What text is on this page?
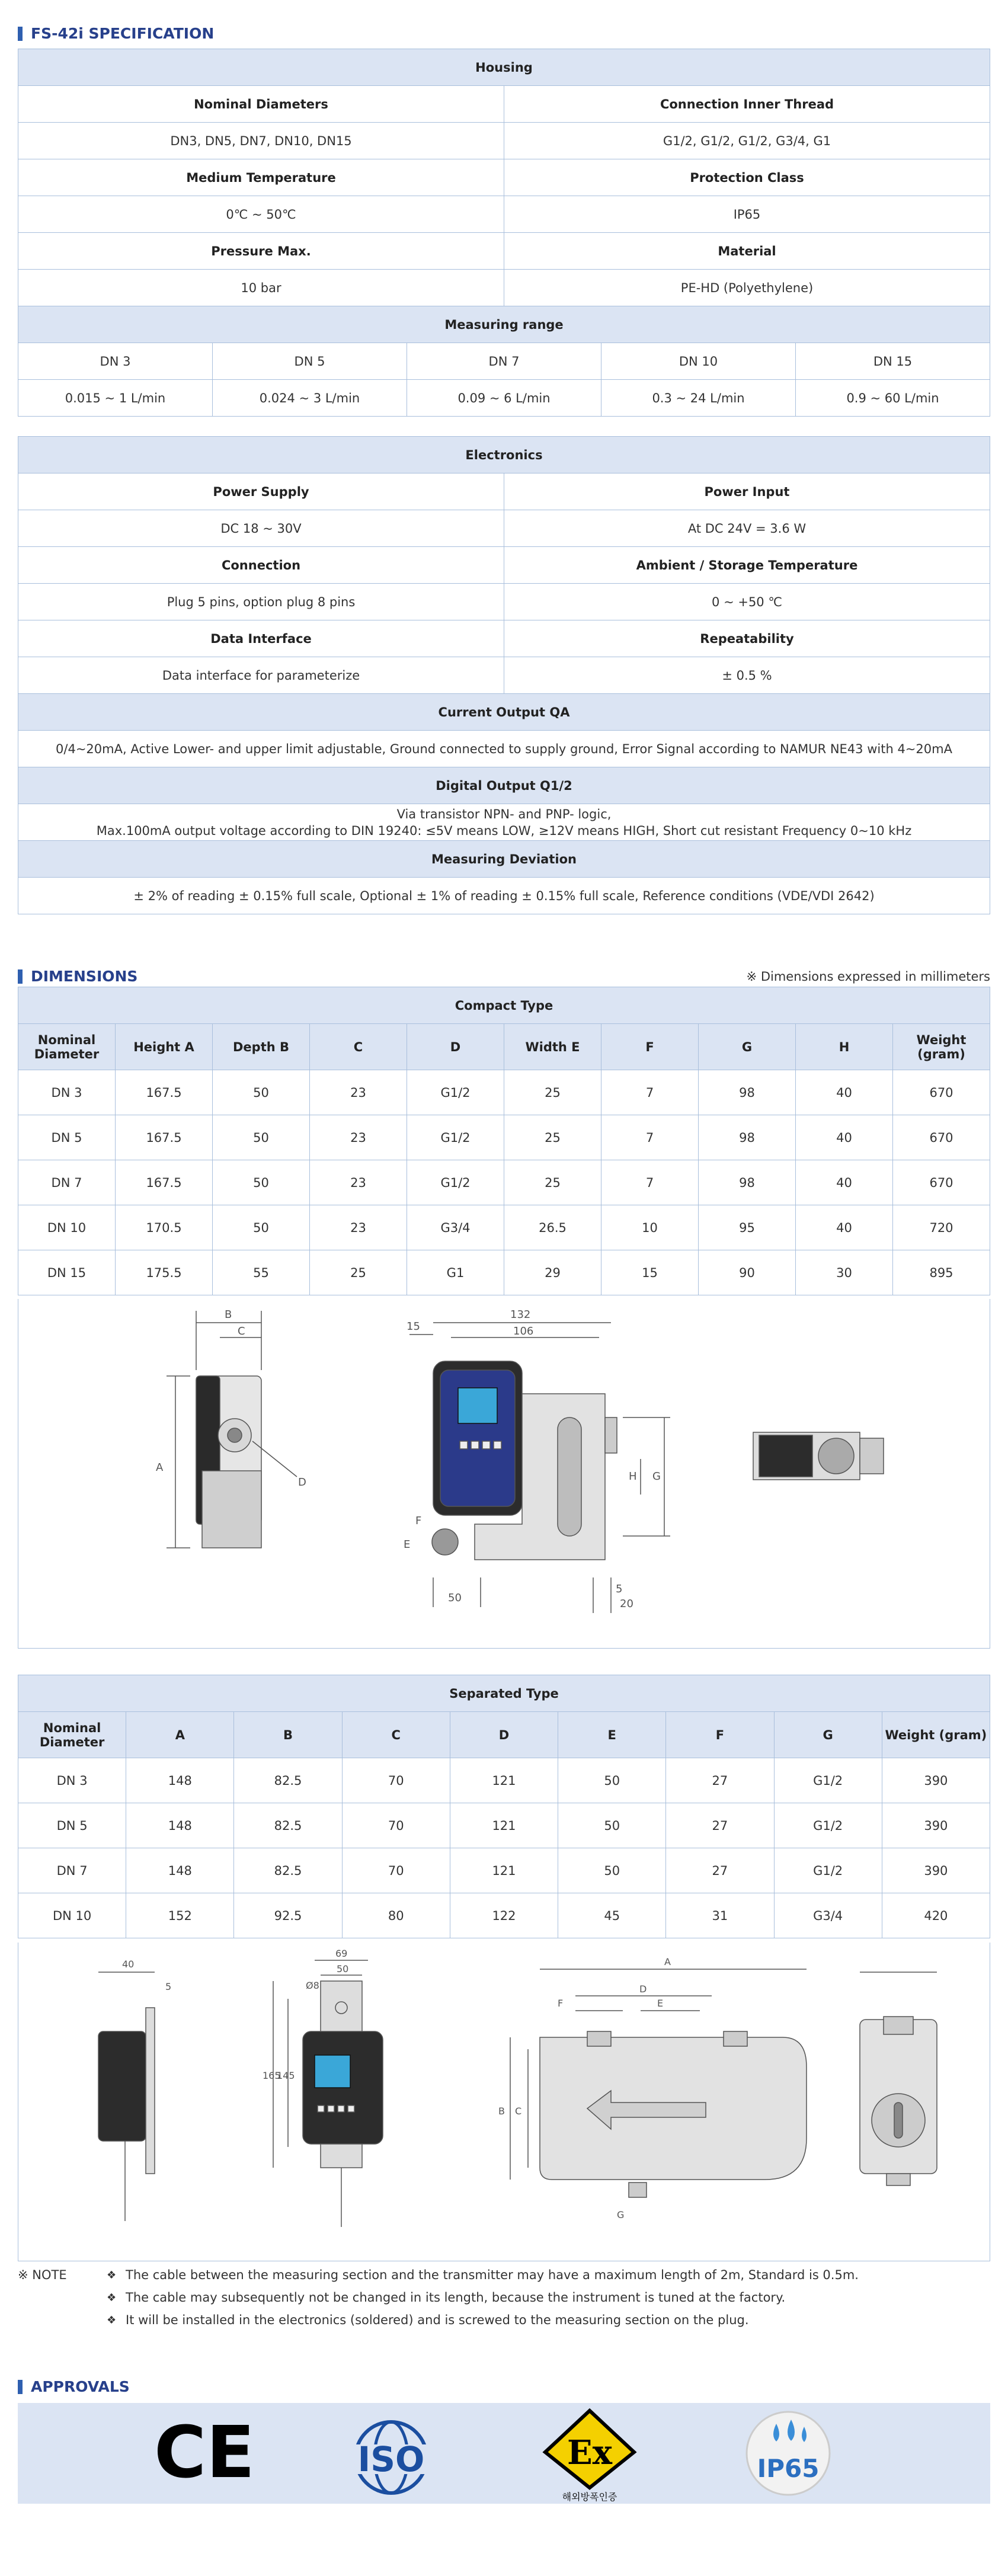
FS-42i SPECIFICATION
Housing					
Nominal Diameters			Connection Inner Thread		
DN3, DN5, DN7, DN10, DN15			G1/2, G1/2, G1/2, G3/4, G1		
Medium Temperature			Protection Class		
0℃ ~ 50℃			IP65		
Pressure Max.			Material		
10 bar			PE-HD (Polyethylene)		
Measuring range					
DN 3	DN 5	DN 7		DN 10	DN 15
0.015 ~ 1 L/min	0.024 ~ 3 L/min	0.09 ~ 6 L/min		0.3 ~ 24 L/min	0.9 ~ 60 L/min
Electronics	
Power Supply	Power Input
DC 18 ~ 30V	At DC 24V = 3.6 W
Connection	Ambient / Storage Temperature
Plug 5 pins, option plug 8 pins	0 ~ +50 ℃
Data Interface	Repeatability
Data interface for parameterize	± 0.5 %
Current Output QA	
0/4~20mA, Active Lower- and upper limit adjustable, Ground connected to supply ground, Error Signal according to NAMUR NE43 with 4~20mA	
Digital Output Q1/2	

Via transistor NPN- and PNP- logic,
Max.100mA output voltage according to DIN 19240: ≤5V means LOW, ≥12V means HIGH, Short cut resistant Frequency 0~10 kHz	

Measuring Deviation	
± 2% of reading ± 0.15% full scale, Optional ± 1% of reading ± 0.15% full scale, Reference conditions (VDE/VDI 2642)	
DIMENSIONS	※ Dimensions expressed in millimeters
Compact Type									
Nominal Diameter	Height A	Depth B	C	D	Width E	F	G	H	Weight (gram)
DN 3	167.5	50	23	G1/2	25	7	98	40	670
DN 5	167.5	50	23	G1/2	25	7	98	40	670
DN 7	167.5	50	23	G1/2	25	7	98	40	670
DN 10	170.5	50	23	G3/4	26.5	10	95	40	720
DN 15	175.5	55	25	G1	29	15	90	30	895
B
C
A
D
15
132
106
H G
E
F
50
5
20
Separated Type								
Nominal Diameter	A	B	C	D	E	F	G	Weight (gram)
DN 3	148	82.5	70	121	50	27	G1/2	390
DN 5	148	82.5	70	121	50	27	G1/2	390
DN 7	148	82.5	70	121	50	27	G1/2	390
DN 10	152	92.5	80	122	45	31	G3/4	420
40
5
69
50
Ø8
165
145
A
D
E
F
B C
G
※ NOTE	❖ The cable between the measuring section and the transmitter may have a maximum length of 2m, Standard is 0.5m.
❖ The cable may subsequently not be changed in its length, because the instrument is tuned at the factory.
❖ It will be installed in the electronics (soldered) and is screwed to the measuring section on the plug.
APPROVALS
CE	ISO	Ex
해외방폭인증
IP65
